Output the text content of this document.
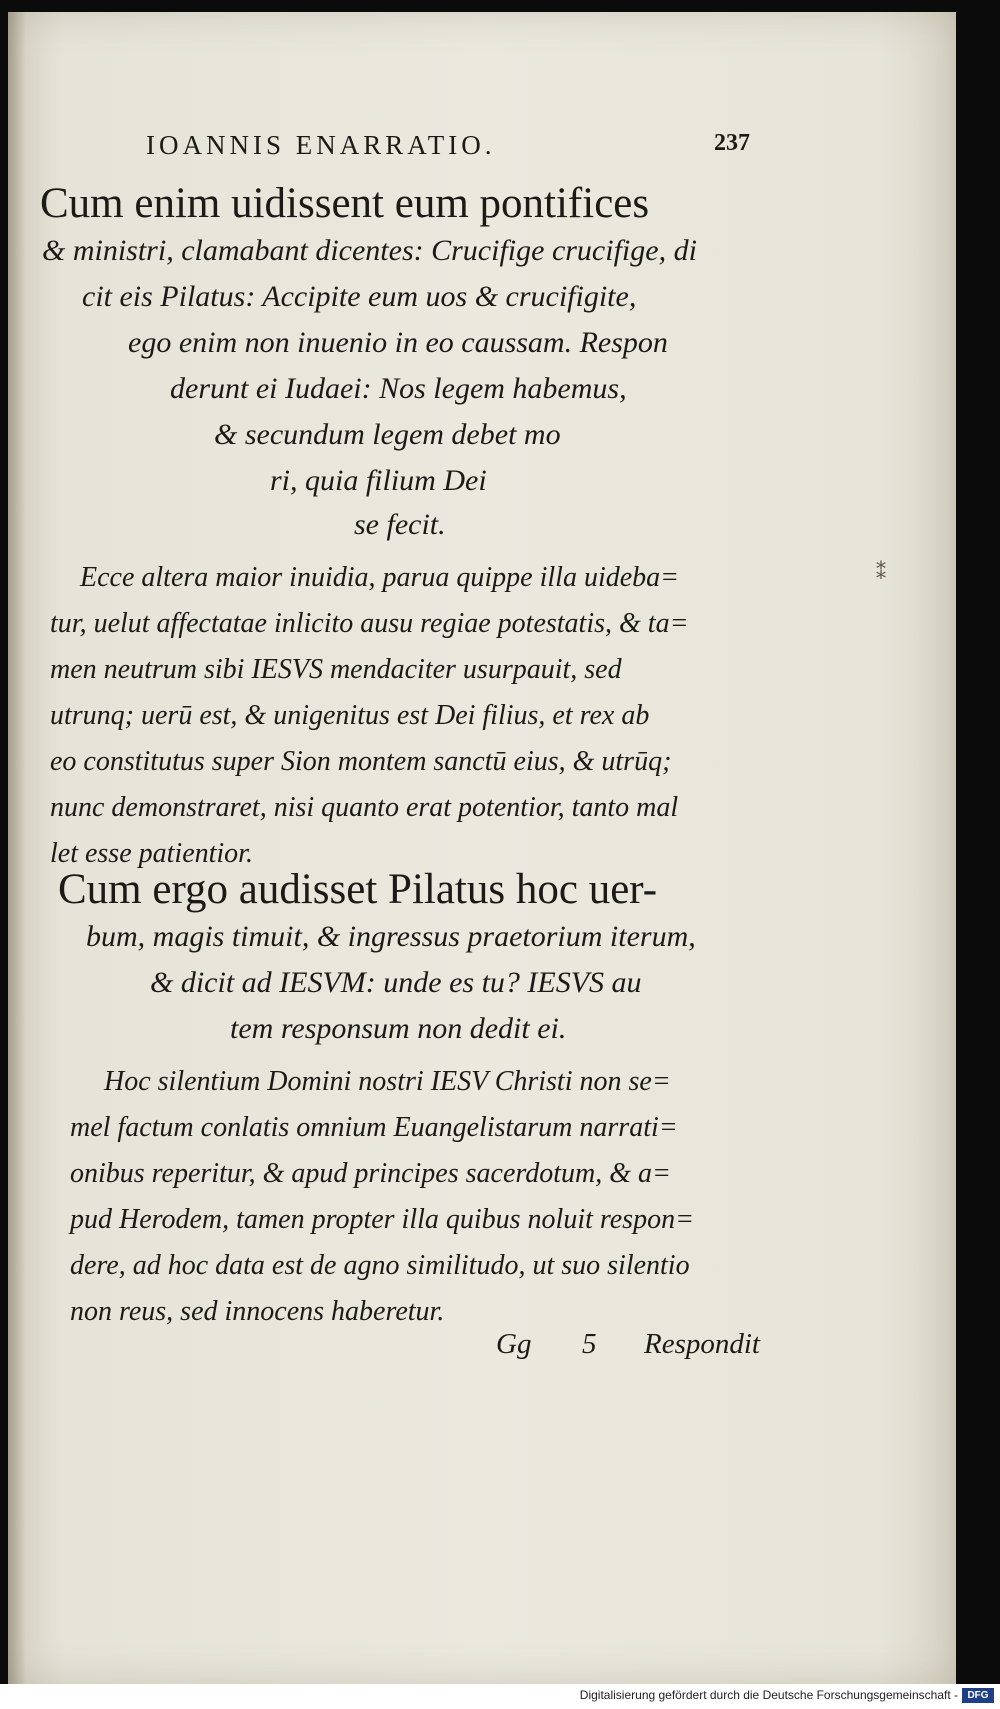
IOANNIS ENARRATIO.	237
Cum enim uidissent eum pontifices
& ministri, clamabant dicentes: Crucifige crucifige, di
cit eis Pilatus: Accipite eum uos & crucifigite,
ego enim non inuenio in eo caussam. Respon
derunt ei Iudaei: Nos legem habemus,
& secundum legem debet mo
ri, quia filium Dei
se fecit.
Ecce altera maior inuidia, parua quippe illa uideba=
tur, uelut affectatae inlicito ausu regiae potestatis, & ta=
men neutrum sibi IESVS mendaciter usurpauit, sed
utrunq; uerū est, & unigenitus est Dei filius, et rex ab
eo constitutus super Sion montem sanctū eius, & utrūq;
nunc demonstraret, nisi quanto erat potentior, tanto mal
let esse patientior.
Cum ergo audisset Pilatus hoc uer-
bum, magis timuit, & ingressus praetorium iterum,
& dicit ad IESVM: unde es tu? IESVS au
tem responsum non dedit ei.
Hoc silentium Domini nostri IESV Christi non se=
mel factum conlatis omnium Euangelistarum narrati=
onibus reperitur, & apud principes sacerdotum, & a=
pud Herodem, tamen propter illa quibus noluit respon=
dere, ad hoc data est de agno similitudo, ut suo silentio
non reus, sed innocens haberetur.
Gg 5 Respondit
⁑
Digitalisierung gefördert durch die Deutsche Forschungsgemeinschaft - DFG
